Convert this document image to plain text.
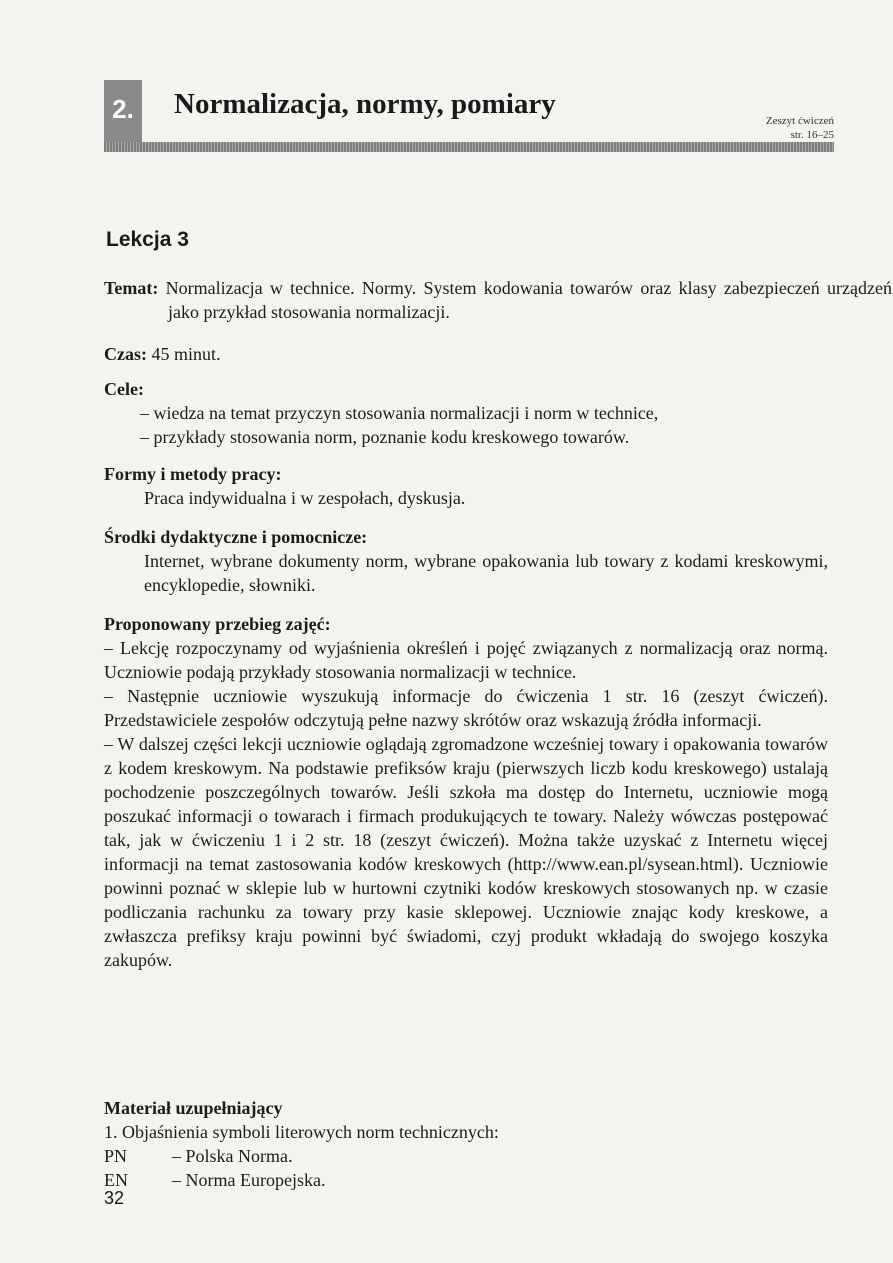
2. Normalizacja, normy, pomiary
Zeszyt ćwiczeń
str. 16–25
Lekcja 3
Temat: Normalizacja w technice. Normy. System kodowania towarów oraz klasy zabezpieczeń urządzeń jako przykład stosowania normalizacji.
Czas: 45 minut.
Cele:
– wiedza na temat przyczyn stosowania normalizacji i norm w technice,
– przykłady stosowania norm, poznanie kodu kreskowego towarów.
Formy i metody pracy:
Praca indywidualna i w zespołach, dyskusja.
Środki dydaktyczne i pomocnicze:
Internet, wybrane dokumenty norm, wybrane opakowania lub towary z kodami kreskowymi, encyklopedie, słowniki.
Proponowany przebieg zajęć:
– Lekcję rozpoczynamy od wyjaśnienia określeń i pojęć związanych z normalizacją oraz normą. Uczniowie podają przykłady stosowania normalizacji w technice.
– Następnie uczniowie wyszukują informacje do ćwiczenia 1 str. 16 (zeszyt ćwiczeń). Przedstawiciele zespołów odczytują pełne nazwy skrótów oraz wskazują źródła informacji.
– W dalszej części lekcji uczniowie oglądają zgromadzone wcześniej towary i opakowania towarów z kodem kreskowym. Na podstawie prefiksów kraju (pierwszych liczb kodu kreskowego) ustalają pochodzenie poszczególnych towarów. Jeśli szkoła ma dostęp do Internetu, uczniowie mogą poszukać informacji o towarach i firmach produkujących te towary. Należy wówczas postępować tak, jak w ćwiczeniu 1 i 2 str. 18 (zeszyt ćwiczeń). Można także uzyskać z Internetu więcej informacji na temat zastosowania kodów kreskowych (http://www.ean.pl/sysean.html). Uczniowie powinni poznać w sklepie lub w hurtowni czytniki kodów kreskowych stosowanych np. w czasie podliczania rachunku za towary przy kasie sklepowej. Uczniowie znając kody kreskowe, a zwłaszcza prefiksy kraju powinni być świadomi, czyj produkt wkładają do swojego koszyka zakupów.
Materiał uzupełniający
1. Objaśnienia symboli literowych norm technicznych:
PN	– Polska Norma.
EN	– Norma Europejska.
32
